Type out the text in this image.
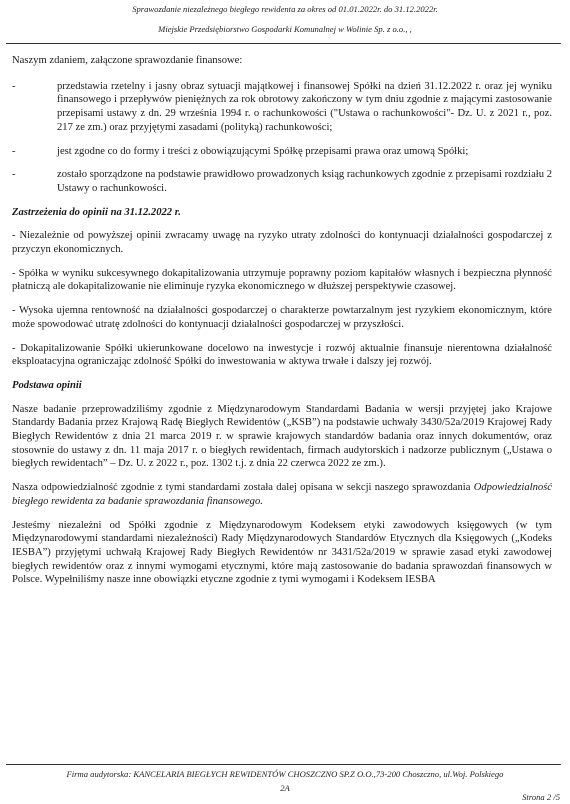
Sprawozdanie niezależnego biegłego rewidenta za okres od 01.01.2022r. do 31.12.2022r.
Miejskie Przedsiębiorstwo Gospodarki Komunalnej w Wolinie Sp. z o.o., ,

Naszym zdaniem, załączone sprawozdanie finansowe:

-	przedstawia rzetelny i jasny obraz sytuacji majątkowej i finansowej Spółki na dzień 31.12.2022 r. oraz jej wyniku finansowego i przepływów pieniężnych za rok obrotowy zakończony w tym dniu zgodnie z mającymi zastosowanie przepisami ustawy z dn. 29 września 1994 r. o rachunkowości ("Ustawa o rachunkowości"- Dz. U. z 2021 r., poz. 217 ze zm.) oraz przyjętymi zasadami (polityką) rachunkowości;
-	jest zgodne co do formy i treści z obowiązującymi Spółkę przepisami prawa oraz umową Spółki;
-	zostało sporządzone na podstawie prawidłowo prowadzonych ksiąg rachunkowych zgodnie z przepisami rozdziału 2 Ustawy o rachunkowości.

Zastrzeżenia do opinii na 31.12.2022 r.

- Niezależnie od powyższej opinii zwracamy uwagę na ryzyko utraty zdolności do kontynuacji działalności gospodarczej z przyczyn ekonomicznych.

- Spółka w wyniku sukcesywnego dokapitalizowania utrzymuje poprawny poziom kapitałów własnych i bezpieczna płynność płatniczą ale dokapitalizowanie nie eliminuje ryzyka ekonomicznego w dłuższej perspektywie czasowej.

- Wysoka ujemna rentowność na działalności gospodarczej o charakterze powtarzalnym jest ryzykiem ekonomicznym, które może spowodować utratę zdolności do kontynuacji działalności gospodarczej w przyszłości.

- Dokapitalizowanie Spółki ukierunkowane docelowo na inwestycje i rozwój aktualnie finansuje nierentowna działalność eksploatacyjna ograniczając zdolność Spółki do inwestowania w aktywa trwałe i dalszy jej rozwój.

Podstawa opinii

Nasze badanie przeprowadziliśmy zgodnie z Międzynarodowym Standardami Badania w wersji przyjętej jako Krajowe Standardy Badania przez Krajową Radę Biegłych Rewidentów („KSB”) na podstawie uchwały 3430/52a/2019 Krajowej Rady Biegłych Rewidentów z dnia 21 marca 2019 r. w sprawie krajowych standardów badania oraz innych dokumentów, oraz stosownie do ustawy z dn. 11 maja 2017 r. o biegłych rewidentach, firmach audytorskich i nadzorze publicznym („Ustawa o biegłych rewidentach” – Dz. U. z 2022 r., poz. 1302 t.j. z dnia 22 czerwca 2022 ze zm.).

Nasza odpowiedzialność zgodnie z tymi standardami została dalej opisana w sekcji naszego sprawozdania Odpowiedzialność biegłego rewidenta za badanie sprawozdania finansowego.

Jesteśmy niezależni od Spółki zgodnie z Międzynarodowym Kodeksem etyki zawodowych księgowych (w tym Międzynarodowymi standardami niezależności) Rady Międzynarodowych Standardów Etycznych dla Księgowych („Kodeks IESBA”) przyjętymi uchwałą Krajowej Rady Biegłych Rewidentów nr 3431/52a/2019 w sprawie zasad etyki zawodowej biegłych rewidentów oraz z innymi wymogami etycznymi, które mają zastosowanie do badania sprawozdań finansowych w Polsce. Wypełniliśmy nasze inne obowiązki etyczne zgodnie z tymi wymogami i Kodeksem IESBA

Firma audytorska: KANCELARIA BIEGŁYCH REWIDENTÓW CHOSZCZNO SP.Z O.O.,73-200 Choszczno, ul.Woj. Polskiego
2A
Strona 2 /5
